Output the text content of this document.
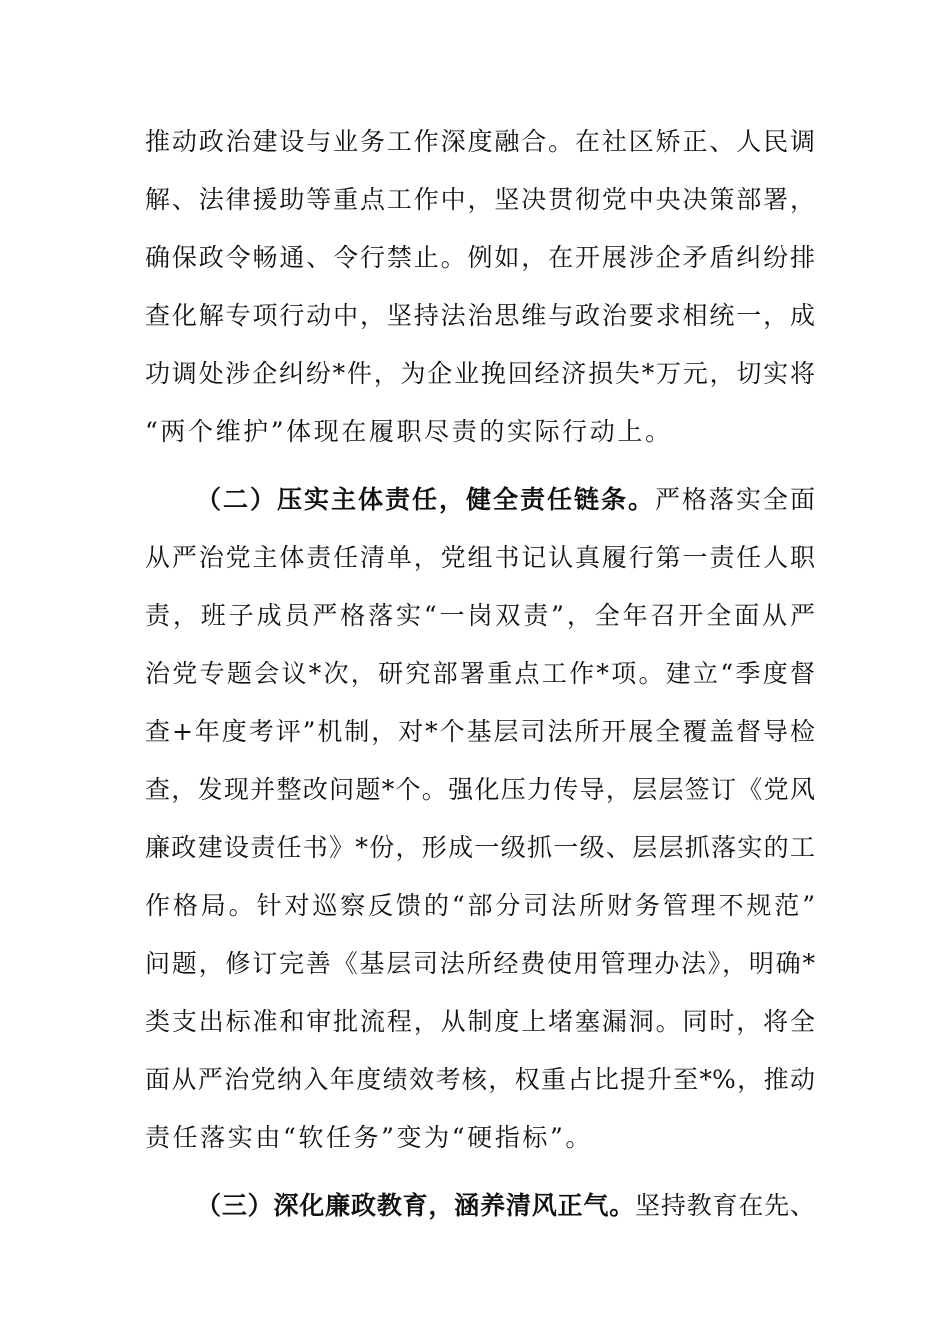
推动政治建设与业务工作深度融合。在社区矫正、人民调
解、法律援助等重点工作中，坚决贯彻党中央决策部署，
确保政令畅通、令行禁止。例如，在开展涉企矛盾纠纷排
查化解专项行动中，坚持法治思维与政治要求相统一，成
功调处涉企纠纷*件，为企业挽回经济损失*万元，切实将
“两个维护”体现在履职尽责的实际行动上。
（二）压实主体责任，健全责任链条。严格落实全面
从严治党主体责任清单，党组书记认真履行第一责任人职
责，班子成员严格落实“一岗双责”，全年召开全面从严
治党专题会议*次，研究部署重点工作*项。建立“季度督
查+年度考评”机制，对*个基层司法所开展全覆盖督导检
查，发现并整改问题*个。强化压力传导，层层签订《党风
廉政建设责任书》*份，形成一级抓一级、层层抓落实的工
作格局。针对巡察反馈的“部分司法所财务管理不规范”
问题，修订完善《基层司法所经费使用管理办法》，明确*
类支出标准和审批流程，从制度上堵塞漏洞。同时，将全
面从严治党纳入年度绩效考核，权重占比提升至*%，推动
责任落实由“软任务”变为“硬指标”。
（三）深化廉政教育，涵养清风正气。坚持教育在先、
